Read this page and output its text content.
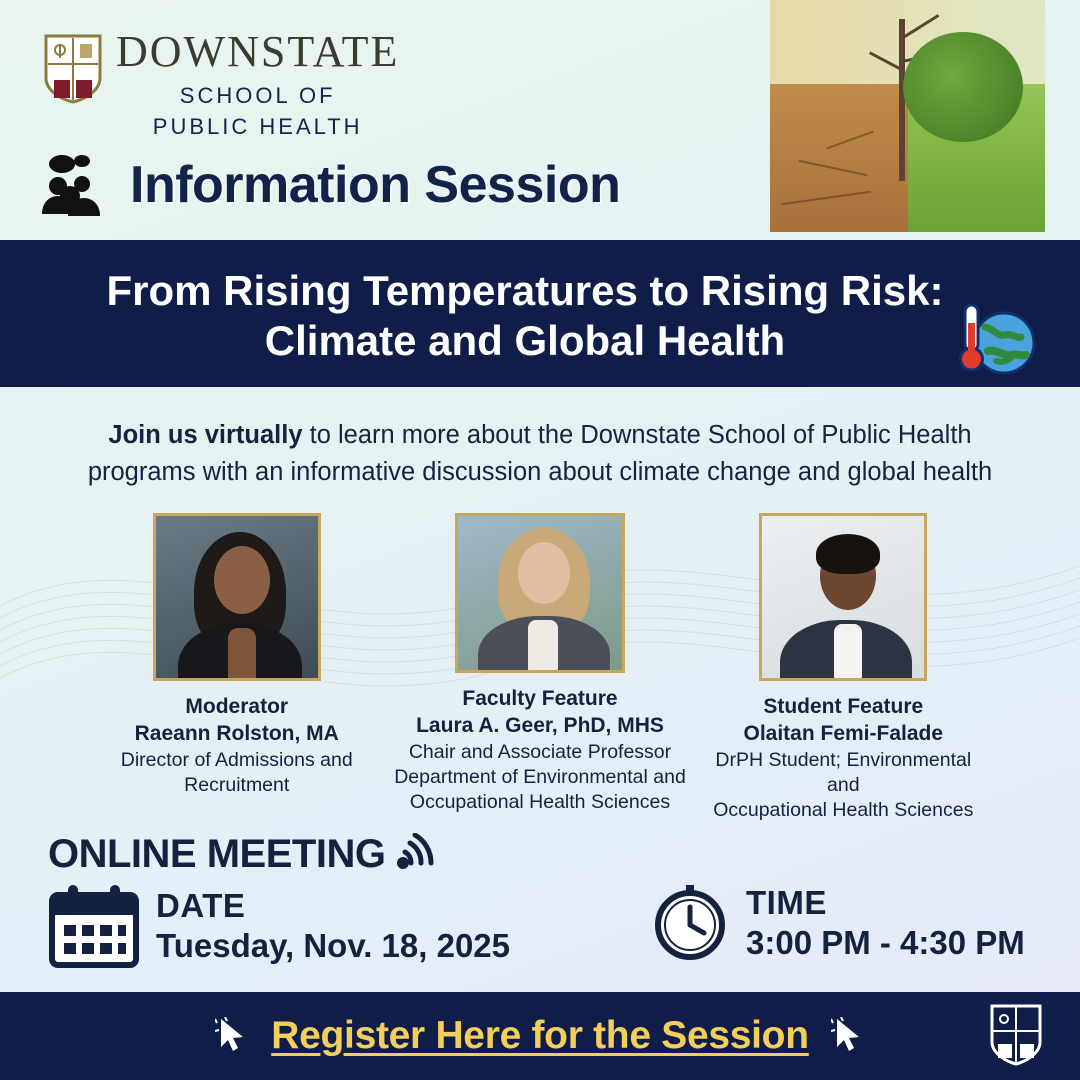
DOWNSTATE
SCHOOL OF
PUBLIC HEALTH
Information Session
From Rising Temperatures to Rising Risk:
Climate and Global Health

Join us virtually to learn more about the Downstate School of Public Health

programs with an informative discussion about climate change and global health

Moderator
Raeann Rolston, MA
Director of Admissions and
Recruitment
Faculty Feature
Laura A. Geer, PhD, MHS
Chair and Associate Professor
Department of Environmental and
Occupational Health Sciences
Student Feature
Olaitan Femi-Falade
DrPH Student; Environmental and
Occupational Health Sciences
ONLINE MEETING
DATE
Tuesday, Nov. 18, 2025
TIME
3:00 PM - 4:30 PM
Register Here for the Session
